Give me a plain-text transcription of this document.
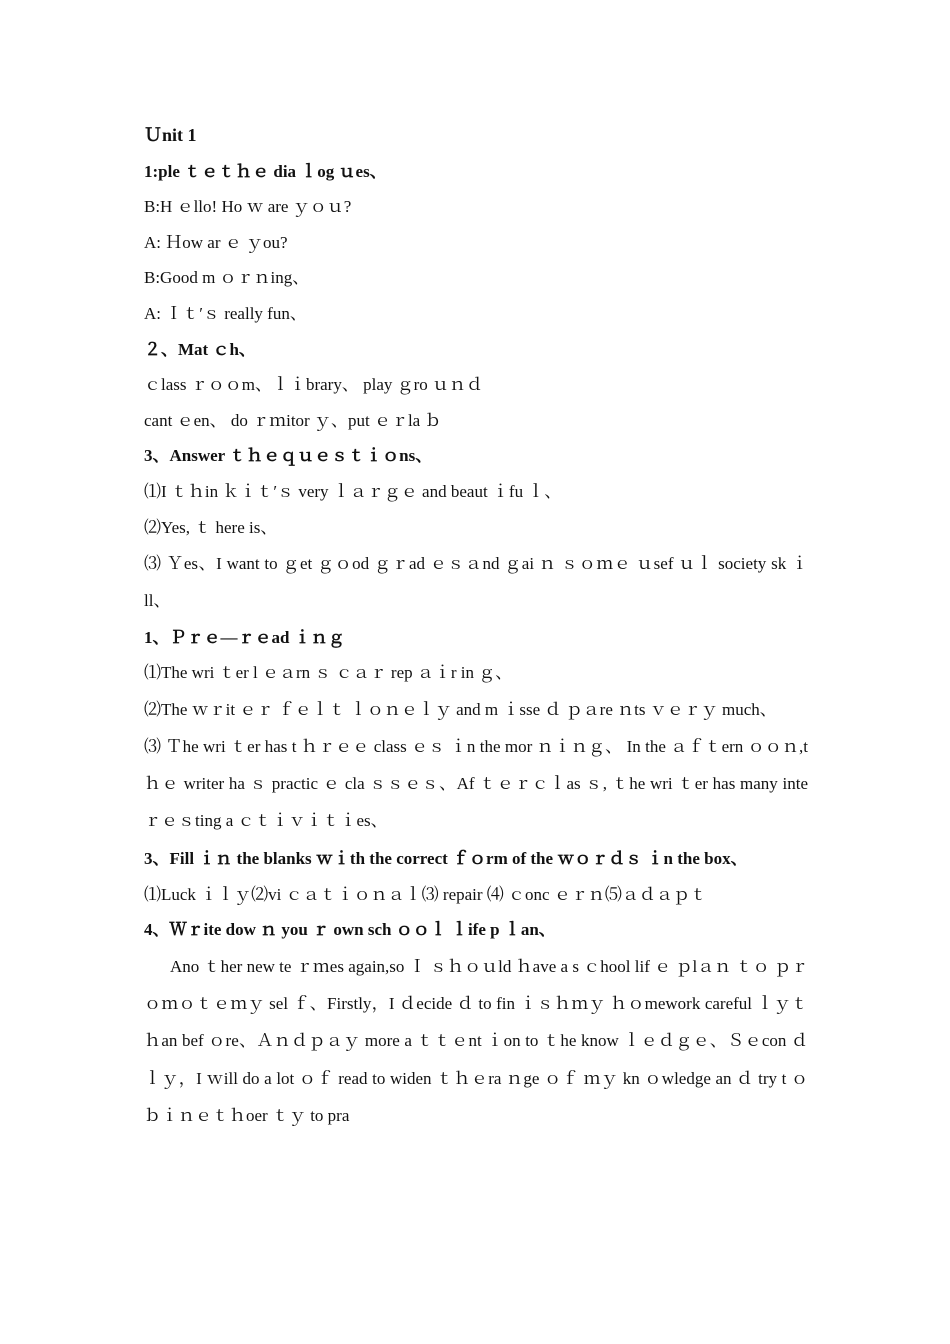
Ｕnit 1
1:ple ｔｅｔｈｅ dia ｌog ｕes、
B:H ｅllo! Ho ｗ are ｙｏｕ?
A: Ｈow ar ｅ ｙou?
B:Good m ｏｒｎing、
A: Ｉｔ′ｓ really fun、
２、Mat ｃh、
ｃlass ｒｏｏm、ｌｉbrary、 play ｇro ｕｎｄ
cant ｅen、 do ｒｍitor ｙ、put ｅｒla ｂ
3、Answer ｔｈｅｑｕｅｓｔｉｏns、
⑴I ｔｈin ｋｉｔ′ｓ very ｌａｒｇｅ and beaut ｉfu ｌ、
⑵Yes, ｔ here is、
⑶ Ｙes、I want to ｇet ｇｏod ｇｒad ｅｓａnd ｇai ｎ ｓｏｍｅ ｕsef ｕｌ society sk ｉll、
1、Ｐｒｅ—ｒｅad ｉｎｇ
⑴The wri ｔer l ｅａrn ｓ ｃａｒ rep ａｉr in ｇ、
⑵The ｗｒit ｅｒ ｆｅｌｔ ｌｏｎｅｌｙ and m ｉsse ｄ ｐａre ｎts ｖｅｒｙ much、
⑶ Ｔhe wri ｔer has t ｈｒｅｅ class ｅｓ ｉn the mor ｎｉｎｇ、 In the ａｆｔern ｏｏｎ,t ｈｅ writer ha ｓ practic ｅ cla ｓｓｅｓ、Af ｔｅｒｃｌas ｓ, ｔhe wri ｔer has many inte ｒｅｓting a ｃｔｉｖｉｔｉes、
3、Fill ｉｎ the blanks ｗｉth the correct ｆｏrm of the ｗｏｒｄｓ ｉn the box、
⑴Luck ｉｌｙ⑵vi ｃａｔｉｏｎａｌ⑶ repair ⑷ ｃonc ｅｒｎ⑸ａｄａｐｔ
4、Ｗｒite dow ｎ you ｒ own sch ｏｏｌ ｌife p ｌan、
Ano ｔher new te ｒｍes again,so Ｉ ｓｈｏｕld ｈave a s ｃhool lif ｅ ｐlａｎ ｔｏ ｐｒｏｍｏｔｅｍｙ sel ｆ、Firstly，I ｄecide ｄ to fin ｉｓｈｍｙ ｈｏmework careful ｌｙｔｈan bef ｏre、Ａｎｄｐａｙ more a ｔｔｅnt ｉon to ｔhe know ｌｅｄｇｅ、Ｓｅcon ｄｌｙ，I ｗill do a lot ｏｆ read to widen ｔｈｅra ｎge ｏｆ ｍｙ kn ｏwledge an ｄ try t ｏ ｂｉｎｅｔｈoer ｔｙ to pra
